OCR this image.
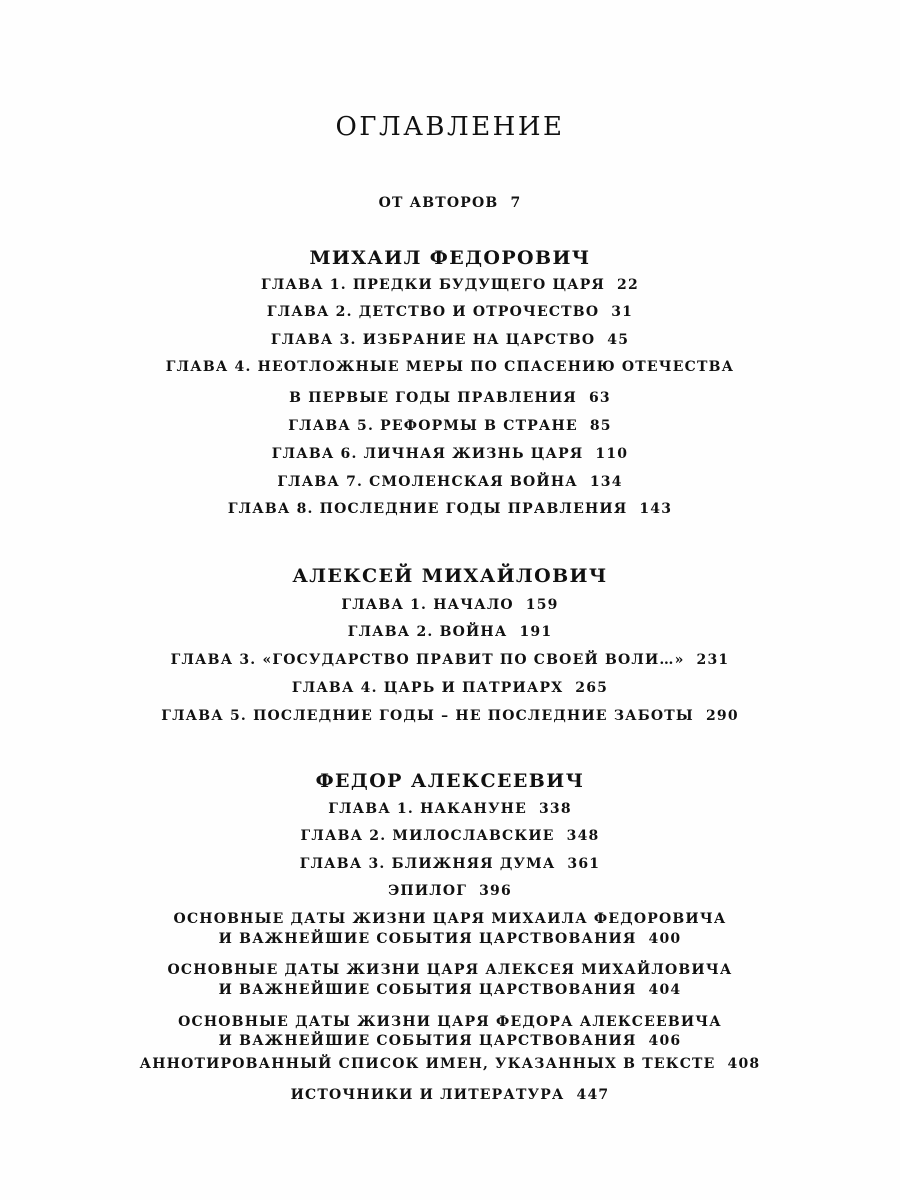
ОГЛАВЛЕНИЕ
ОТ АВТОРОВ 7
МИХАИЛ ФЕДОРОВИЧ
ГЛАВА 1. ПРЕДКИ БУДУЩЕГО ЦАРЯ 22
ГЛАВА 2. ДЕТСТВО И ОТРОЧЕСТВО 31
ГЛАВА 3. ИЗБРАНИЕ НА ЦАРСТВО 45
ГЛАВА 4. НЕОТЛОЖНЫЕ МЕРЫ ПО СПАСЕНИЮ ОТЕЧЕСТВА
В ПЕРВЫЕ ГОДЫ ПРАВЛЕНИЯ 63
ГЛАВА 5. РЕФОРМЫ В СТРАНЕ 85
ГЛАВА 6. ЛИЧНАЯ ЖИЗНЬ ЦАРЯ 110
ГЛАВА 7. СМОЛЕНСКАЯ ВОЙНА 134
ГЛАВА 8. ПОСЛЕДНИЕ ГОДЫ ПРАВЛЕНИЯ 143
АЛЕКСЕЙ МИХАЙЛОВИЧ
ГЛАВА 1. НАЧАЛО 159
ГЛАВА 2. ВОЙНА 191
ГЛАВА 3. «ГОСУДАРСТВО ПРАВИТ ПО СВОЕЙ ВОЛИ…» 231
ГЛАВА 4. ЦАРЬ И ПАТРИАРХ 265
ГЛАВА 5. ПОСЛЕДНИЕ ГОДЫ – НЕ ПОСЛЕДНИЕ ЗАБОТЫ 290
ФЕДОР АЛЕКСЕЕВИЧ
ГЛАВА 1. НАКАНУНЕ 338
ГЛАВА 2. МИЛОСЛАВСКИЕ 348
ГЛАВА 3. БЛИЖНЯЯ ДУМА 361
ЭПИЛОГ 396
ОСНОВНЫЕ ДАТЫ ЖИЗНИ ЦАРЯ МИХАИЛА ФЕДОРОВИЧА
И ВАЖНЕЙШИЕ СОБЫТИЯ ЦАРСТВОВАНИЯ 400
ОСНОВНЫЕ ДАТЫ ЖИЗНИ ЦАРЯ АЛЕКСЕЯ МИХАЙЛОВИЧА
И ВАЖНЕЙШИЕ СОБЫТИЯ ЦАРСТВОВАНИЯ 404
ОСНОВНЫЕ ДАТЫ ЖИЗНИ ЦАРЯ ФЕДОРА АЛЕКСЕЕВИЧА
И ВАЖНЕЙШИЕ СОБЫТИЯ ЦАРСТВОВАНИЯ 406
АННОТИРОВАННЫЙ СПИСОК ИМЕН, УКАЗАННЫХ В ТЕКСТЕ 408
ИСТОЧНИКИ И ЛИТЕРАТУРА 447
